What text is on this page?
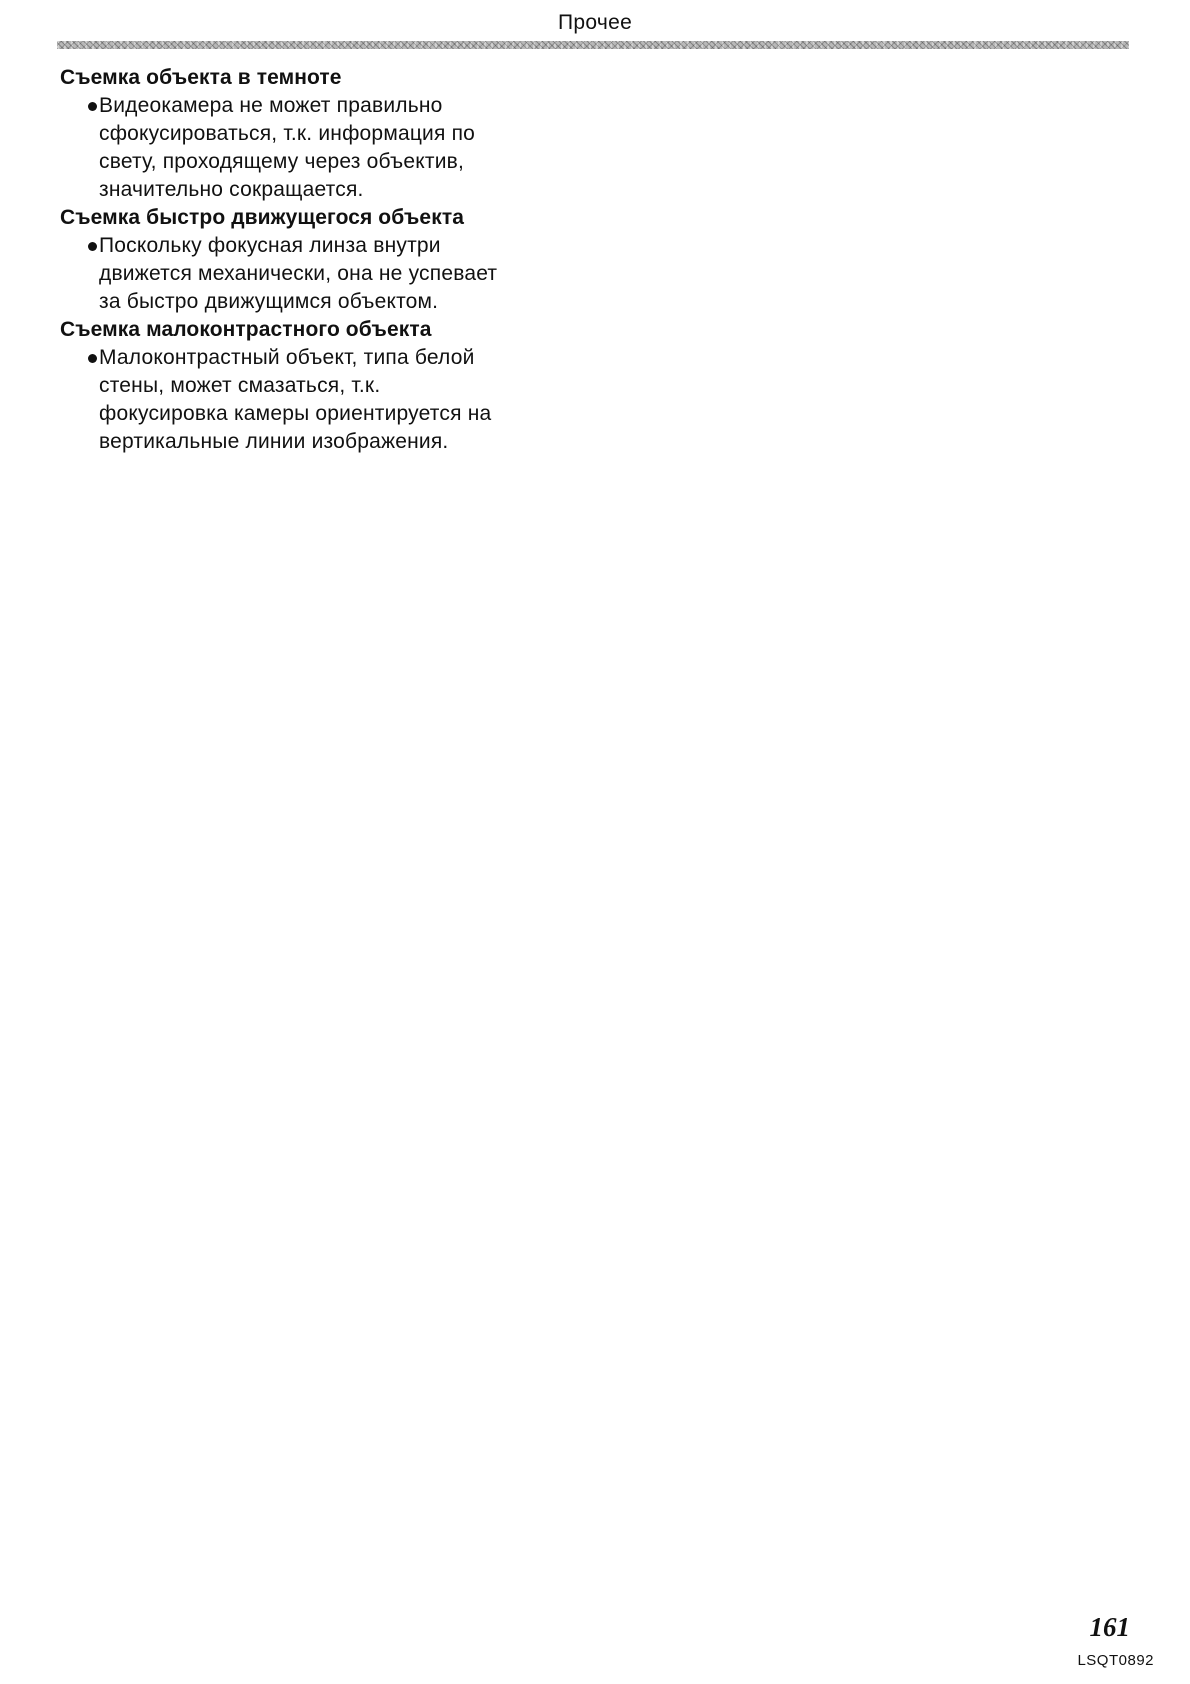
Прочее
Съемка объекта в темноте
Видеокамера не может правильно
сфокусироваться, т.к. информация по
свету, проходящему через объектив,
значительно сокращается.
Съемка быстро движущегося объекта
Поскольку фокусная линза внутри
движется механически, она не успевает
за быстро движущимся объектом.
Съемка малоконтрастного объекта
Малоконтрастный объект, типа белой
стены, может смазаться, т.к.
фокусировка камеры ориентируется на
вертикальные линии изображения.
161
LSQT0892
